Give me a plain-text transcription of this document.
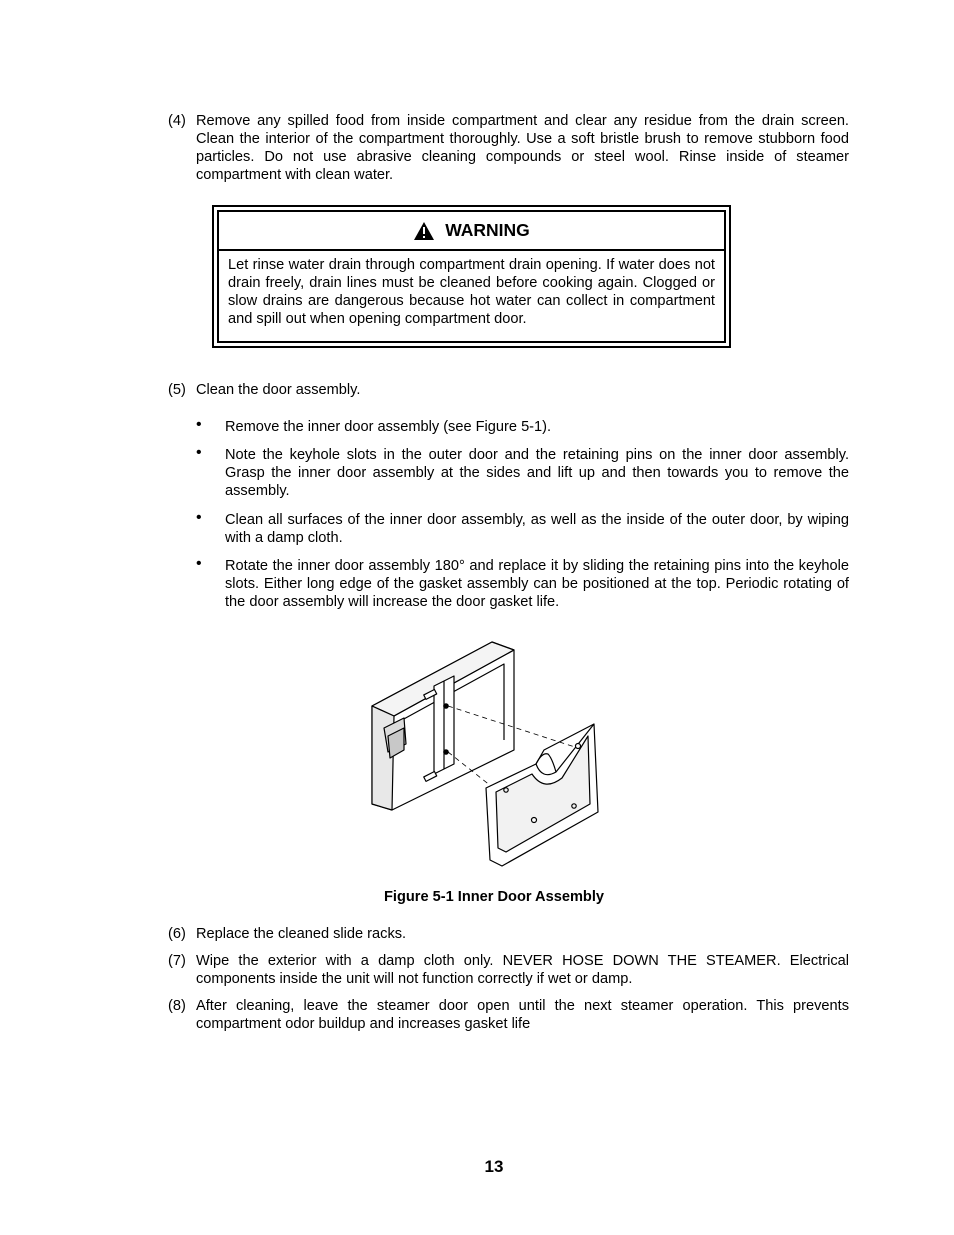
(4) Remove any spilled food from inside compartment and clear any residue from the drain screen. Clean the interior of the compartment thoroughly. Use a soft bristle brush to remove stubborn food particles. Do not use abrasive cleaning compounds or steel wool. Rinse inside of steamer compartment with clean water.
WARNING
Let rinse water drain through compartment drain opening. If water does not drain freely, drain lines must be cleaned before cooking again. Clogged or slow drains are dangerous because hot water can collect in compartment and spill out when opening compartment door.
(5) Clean the door assembly.
• Remove the inner door assembly (see Figure 5-1).
• Note the keyhole slots in the outer door and the retaining pins on the inner door assembly. Grasp the inner door assembly at the sides and lift up and then towards you to remove the assembly.
• Clean all surfaces of the inner door assembly, as well as the inside of the outer door, by wiping with a damp cloth.
• Rotate the inner door assembly 180° and replace it by sliding the retaining pins into the keyhole slots. Either long edge of the gasket assembly can be positioned at the top. Periodic rotating of the door assembly will increase the door gasket life.
Figure 5-1 Inner Door Assembly
(6) Replace the cleaned slide racks.
(7) Wipe the exterior with a damp cloth only. NEVER HOSE DOWN THE STEAMER. Electrical components inside the unit will not function correctly if wet or damp.
(8) After cleaning, leave the steamer door open until the next steamer operation. This prevents compartment odor buildup and increases gasket life
13
